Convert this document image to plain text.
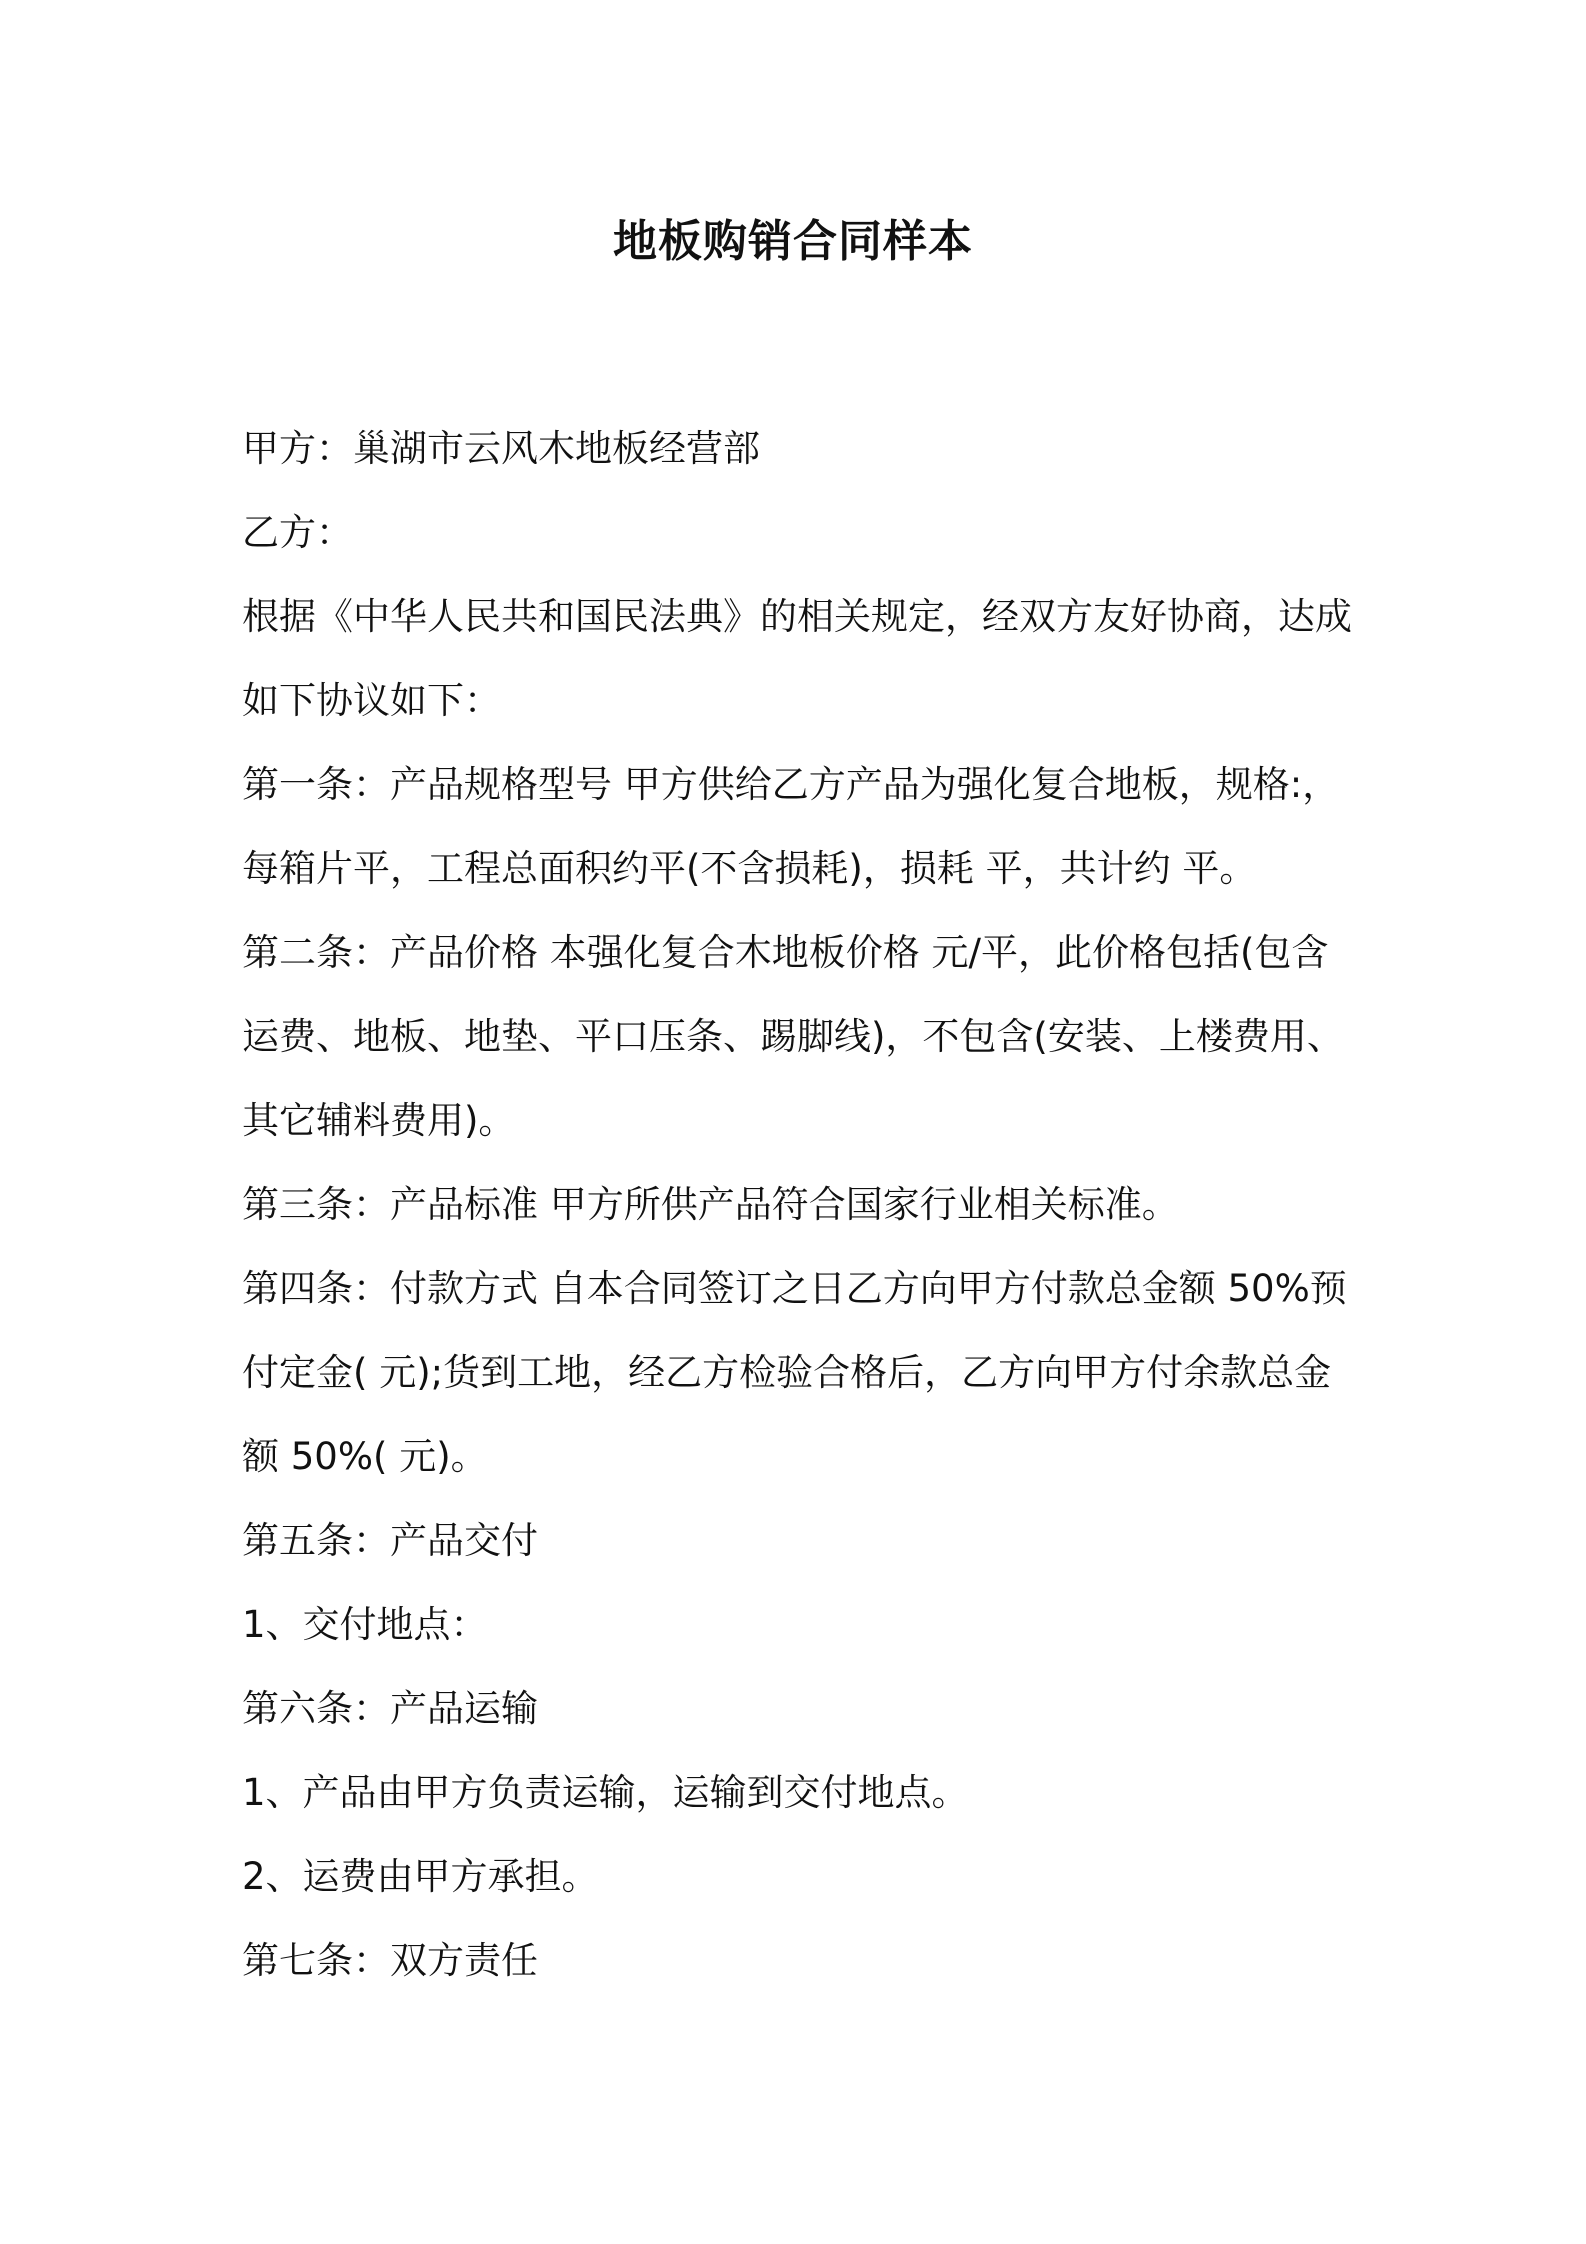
地板购销合同样本

甲方：巢湖市云风木地板经营部

乙方：

根据《中华人民共和国民法典》的相关规定，经双方友好协商，达成如下协议如下：

第一条：产品规格型号 甲方供给乙方产品为强化复合地板，规格:，每箱片平，工程总面积约平(不含损耗)，损耗 平，共计约 平。

第二条：产品价格 本强化复合木地板价格 元/平，此价格包括(包含运费、地板、地垫、平口压条、踢脚线)，不包含(安装、上楼费用、其它辅料费用)。

第三条：产品标准 甲方所供产品符合国家行业相关标准。

第四条：付款方式 自本合同签订之日乙方向甲方付款总金额 50%预付定金( 元);货到工地，经乙方检验合格后，乙方向甲方付余款总金额 50%( 元)。

第五条：产品交付

1、交付地点：

第六条：产品运输

1、产品由甲方负责运输，运输到交付地点。

2、运费由甲方承担。

第七条：双方责任
